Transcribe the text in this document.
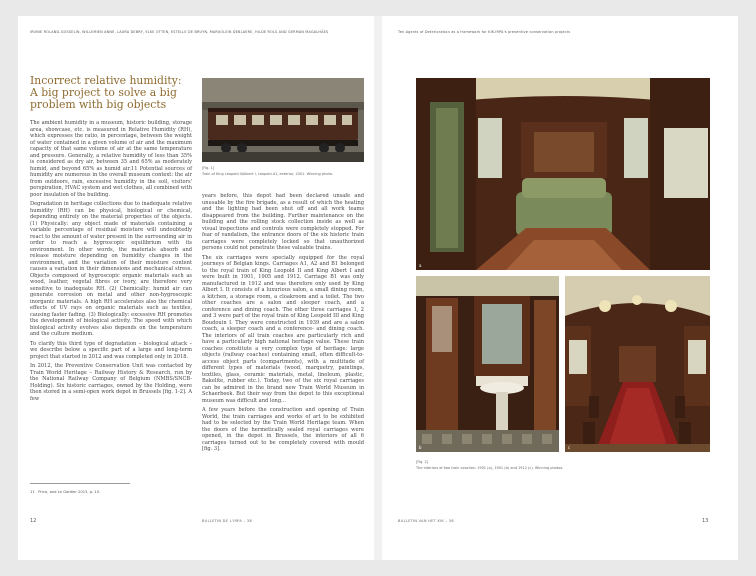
IRVINE ROLAND-GOSSELIN, WILLEMIEN ANNE, LAURA DEBRY, ELKE OTTEN, ESTELLE DE BRUYN, MARIJOLEIN DEBLAERE, HILDE ROLS AND GERMAN MAGALHÃES	Ten Agents of Deterioration as a framework for KIK-IRPA's preventive conservation projects
Incorrect relative humidity: A big project to solve a big problem with big objects

The ambient humidity in a museum, historic building, storage area, showcase, etc. is measured in Relative Humidity (RH), which expresses the ratio, in percentage, between the weight of water contained in a given volume of air and the maximum capacity of that same volume of air at the same temperature and pressure. Generally, a relative humidity of less than 35% is considered as dry air, between 35 and 65% as moderately humid, and beyond 65% as humid air.11 Potential sources of humidity are numerous in the overall museum context: the air from outdoors, rain, excessive humidity in the soil, visitors' perspiration, HVAC system and wet clothes, all combined with poor insulation of the building.

Degradation in heritage collections due to inadequate relative humidity (RH) can be physical, biological or chemical, depending entirely on the material properties of the objects. (1) Physically: any object made of materials containing a variable percentage of residual moisture will undoubtedly react to the amount of water present in the surrounding air in order to reach a hygroscopic equilibrium with its environment. In other words, the materials absorb and release moisture depending on humidity changes in the environment, and the variation of their moisture content causes a variation in their dimensions and mechanical stress. Objects composed of hygroscopic organic materials such as wood, leather, vegetal fibres or ivory, are therefore very sensitive to inadequate RH. (2) Chemically: humid air can generate corrosion on metal and other non-hygroscopic inorganic materials. A high RH accelerates also the chemical effects of UV rays on organic materials such as textiles, causing faster fading. (3) Biologically: excessive RH promotes the development of biological activity. The speed with which biological activity evolves also depends on the temperature and the culture medium.

To clarify this third type of degradation – biological attack – we describe below a specific part of a large and long-term project that started in 2012 and was completed only in 2018.

In 2012, the Preventive Conservation Unit was contacted by Train World Heritage – Railway History & Research, run by the National Railway Company of Belgium (NMBS/SNCB-Holding). Six historic carriages, owned by the Holding, were then stored in a semi-open work depot in Brussels [fig. 1-2]. A few

[Fig. 1]
Train of King Leopold II/Albert I, Leopold A1, exterior, 2001. Winning photo.

years before, this depot had been declared unsafe and unusable by the fire brigade, as a result of which the heating and the lighting had been shut off and all work teams disappeared from the building. Further maintenance on the building and the rolling stock collection inside as well as visual inspections and controls were completely stopped. For fear of vandalism, the entrance doors of the six historic train carriages were completely locked so that unauthorized persons could not penetrate these valuable trains.

The six carriages were specially equipped for the royal journeys of Belgian kings. Carriages A1, A2 and B1 belonged to the royal train of King Leopold II and King Albert I and were built in 1901, 1905 and 1912. Carriage B1 was only manufactured in 1912 and was therefore only used by King Albert I. It consists of a luxurious salon, a small dining room, a kitchen, a storage room, a cloakroom and a toilet. The two other coaches are a salon and sleeper coach, and a conference and dining coach. The other three carriages 1, 2 and 3 were part of the royal train of King Leopold III and King Boudouin I. They were constructed in 1939 and are a salon coach, a sleeper coach and a conference- and dining coach. The interiors of all train coaches are particularly rich and have a particularly high national heritage value. These train coaches constitute a very complex type of heritage: large objects (railway coaches) containing small, often difficult-to-access object parts (compartments), with a multitude of different types of materials (wood, marquetry, paintings, textiles, glass, ceramic materials, metal, linoleum, plastic, Bakelite, rubber etc.). Today, two of the six royal carriages can be admired in the brand new Train World Museum in Schaerbeek. But their way from the depot to this exceptional museum was difficult and long...

A few years before the construction and opening of Train World, the train carriages and works of art to be exhibited had to be selected by the Train World Heritage team. When the doors of the hermetically sealed royal carriages were opened, in the depot in Brussels, the interiors of all 6 carriages turned out to be completely covered with mould [fig. 3].

11 Price, and Le Gardier 2013, p. 15.
a
b	c
[Fig. 2]
The interiors of two train coaches: 1901 (a), 1901 (b) and 1912 (c). Winning photos.
12	BULLETIN DE L'IRPA – 38	BULLETIN VAN HET KIK – 38	13
